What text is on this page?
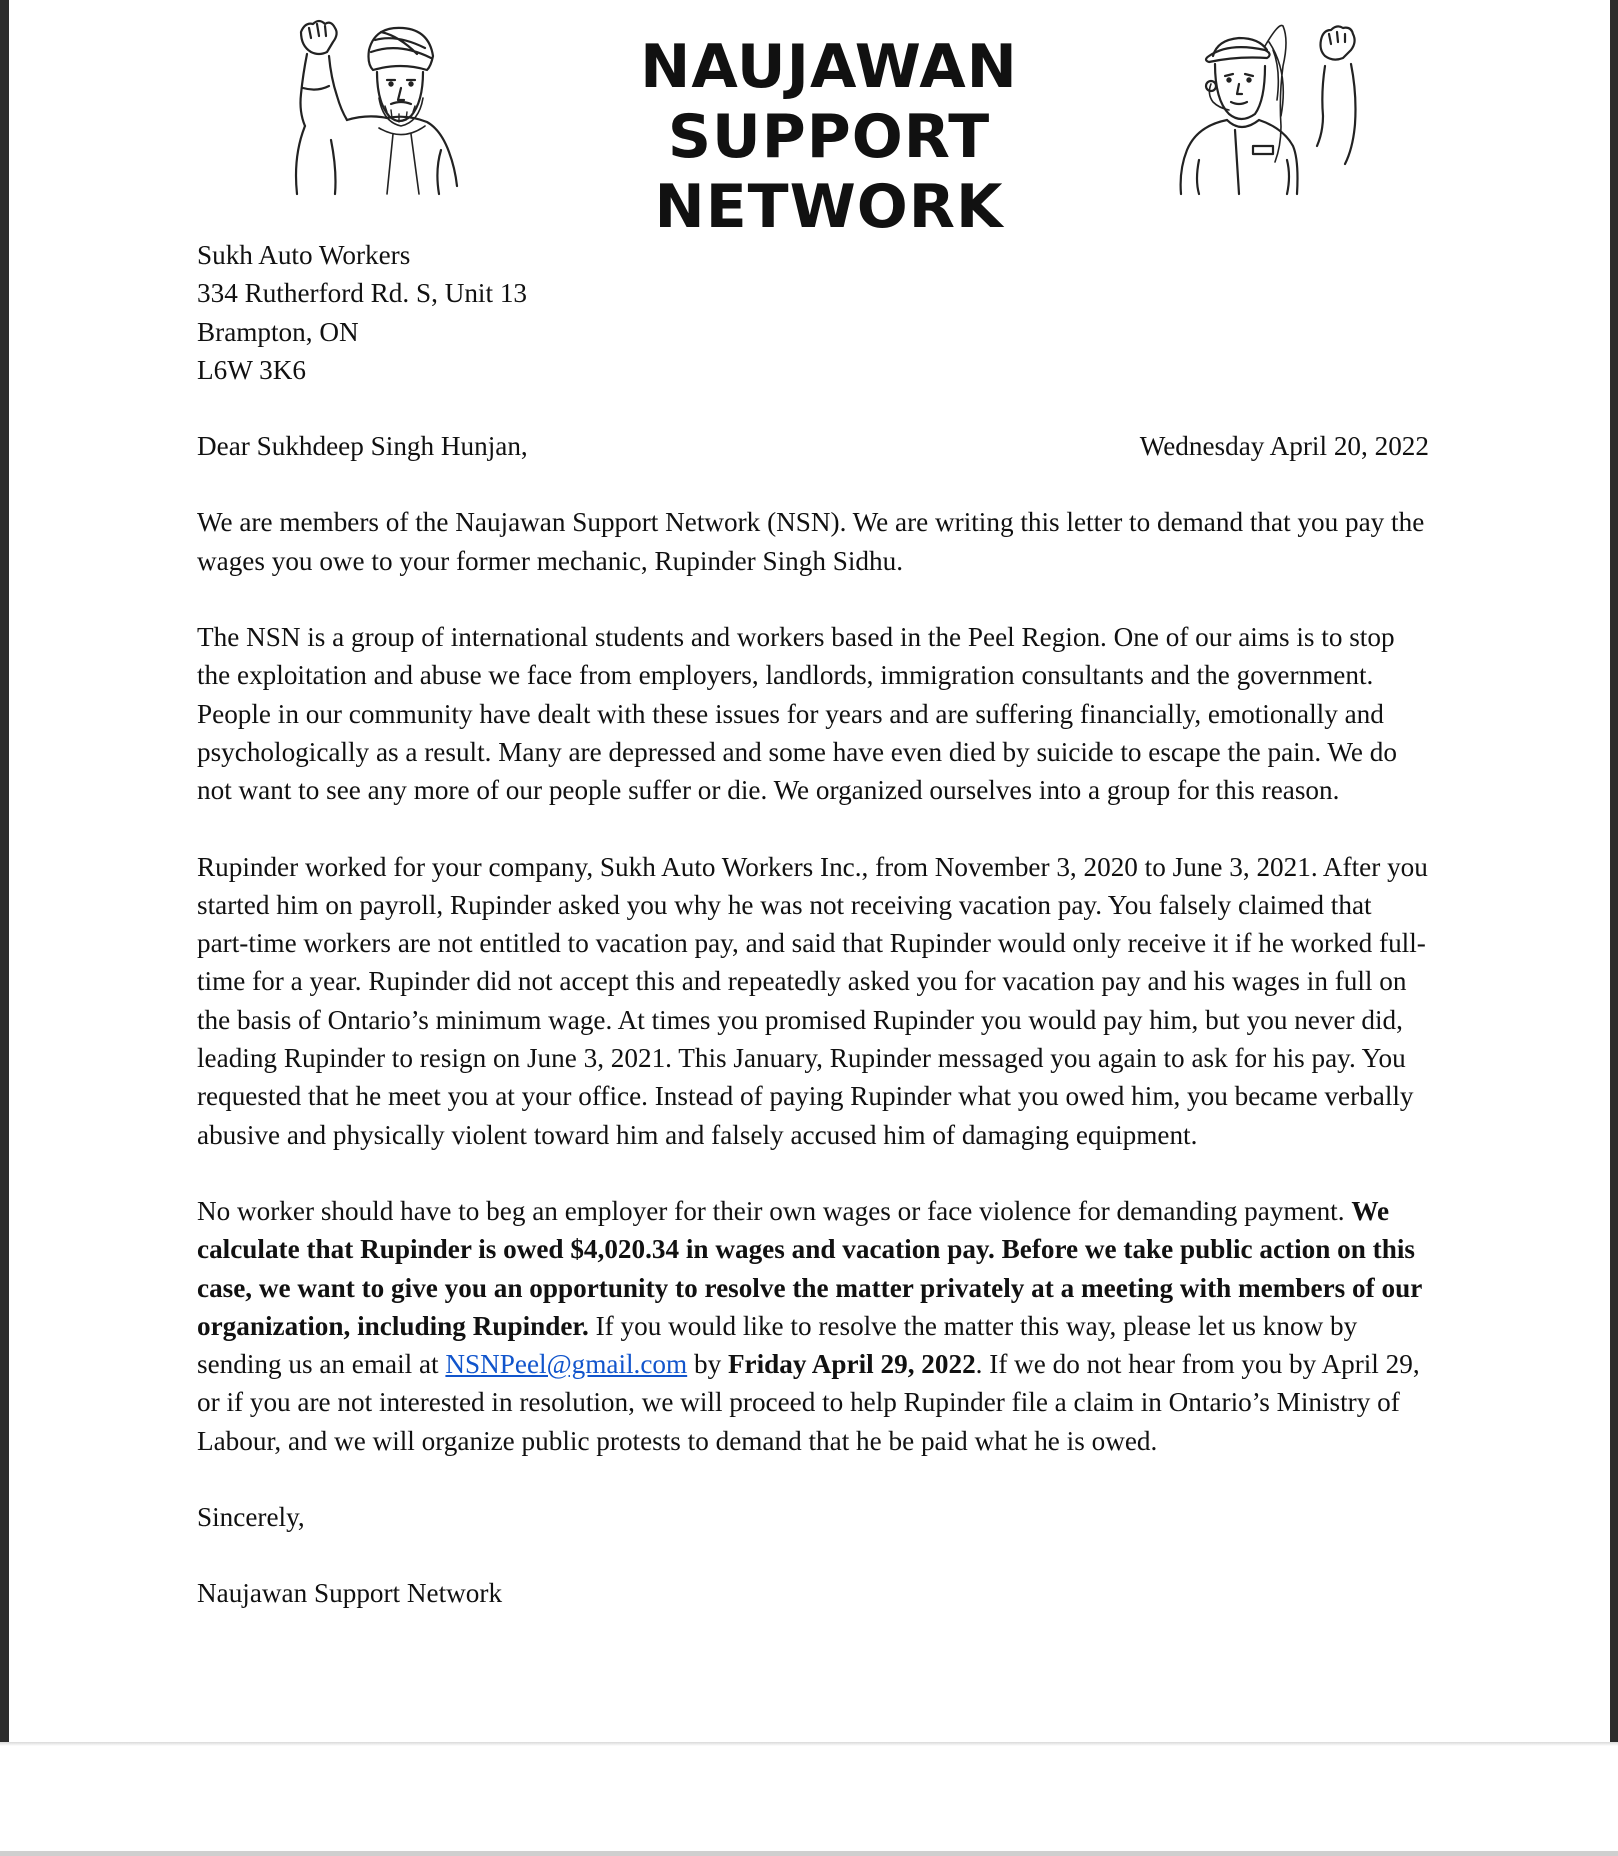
NAUJAWAN
SUPPORT NETWORK
Sukh Auto Workers
334 Rutherford Rd. S, Unit 13
Brampton, ON
L6W 3K6
Dear Sukhdeep Singh Hunjan,	Wednesday April 20, 2022

We are members of the Naujawan Support Network (NSN). We are writing this letter to demand that you pay the wages you owe to your former mechanic, Rupinder Singh Sidhu.

The NSN is a group of international students and workers based in the Peel Region. One of our aims is to stop the exploitation and abuse we face from employers, landlords, immigration consultants and the government. People in our community have dealt with these issues for years and are suffering financially, emotionally and psychologically as a result. Many are depressed and some have even died by suicide to escape the pain. We do not want to see any more of our people suffer or die. We organized ourselves into a group for this reason.

Rupinder worked for your company, Sukh Auto Workers Inc., from November 3, 2020 to June 3, 2021. After you started him on payroll, Rupinder asked you why he was not receiving vacation pay. You falsely claimed that part-time workers are not entitled to vacation pay, and said that Rupinder would only receive it if he worked full-time for a year. Rupinder did not accept this and repeatedly asked you for vacation pay and his wages in full on the basis of Ontario’s minimum wage. At times you promised Rupinder you would pay him, but you never did, leading Rupinder to resign on June 3, 2021. This January, Rupinder messaged you again to ask for his pay. You requested that he meet you at your office. Instead of paying Rupinder what you owed him, you became verbally abusive and physically violent toward him and falsely accused him of damaging equipment.

No worker should have to beg an employer for their own wages or face violence for demanding payment. We calculate that Rupinder is owed $4,020.34 in wages and vacation pay. Before we take public action on this case, we want to give you an opportunity to resolve the matter privately at a meeting with members of our organization, including Rupinder. If you would like to resolve the matter this way, please let us know by sending us an email at NSNPeel@gmail.com by Friday April 29, 2022. If we do not hear from you by April 29, or if you are not interested in resolution, we will proceed to help Rupinder file a claim in Ontario’s Ministry of Labour, and we will organize public protests to demand that he be paid what he is owed.

Sincerely,

Naujawan Support Network
